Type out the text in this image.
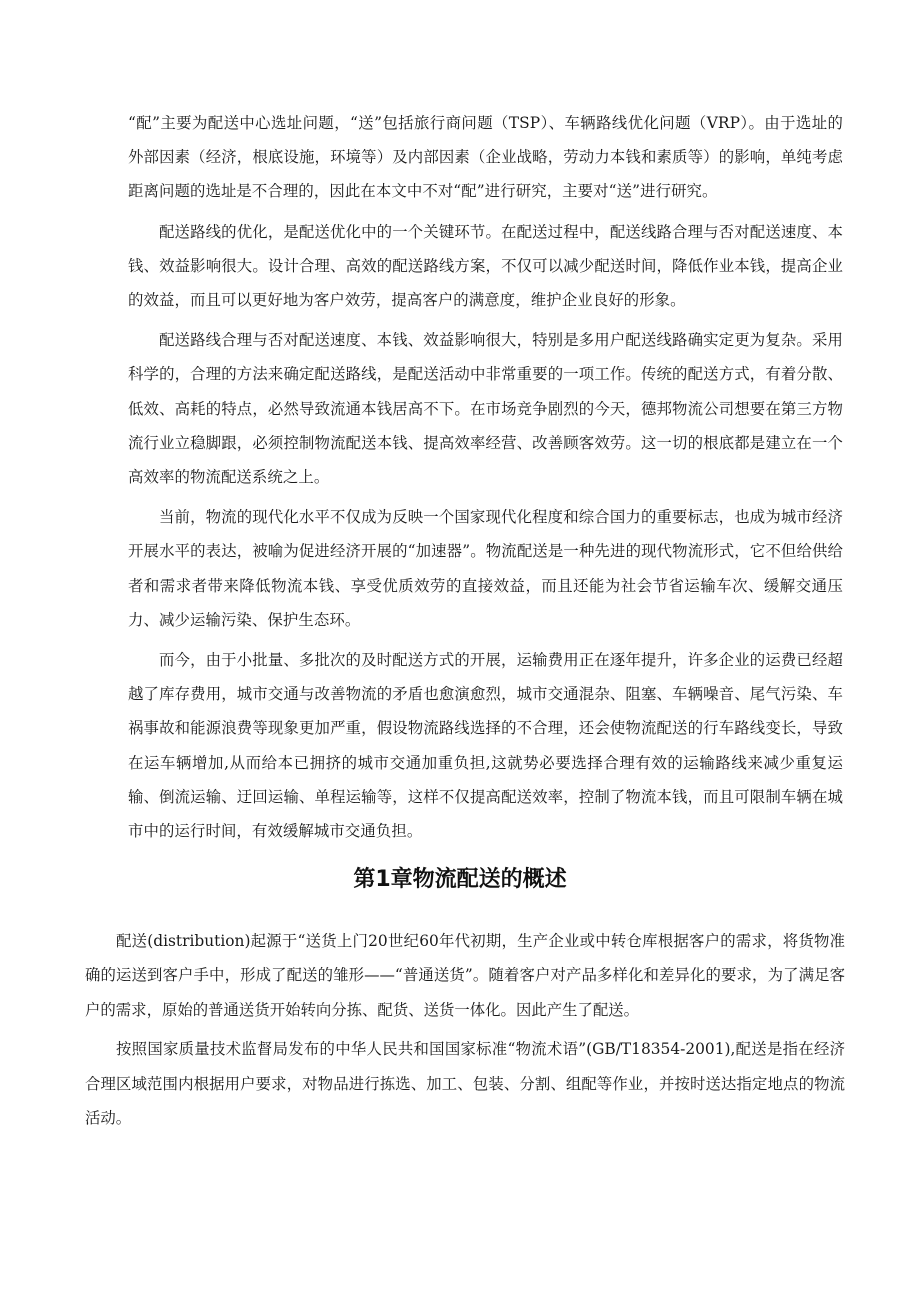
“配”主要为配送中心选址问题，“送”包括旅行商问题（TSP）、车辆路线优化问题（VRP）。由于选址的外部因素（经济，根底设施，环境等）及内部因素（企业战略，劳动力本钱和素质等）的影响，单纯考虑距离问题的选址是不合理的，因此在本文中不对“配”进行研究，主要对“送”进行研究。

配送路线的优化，是配送优化中的一个关键环节。在配送过程中，配送线路合理与否对配送速度、本钱、效益影响很大。设计合理、高效的配送路线方案，不仅可以减少配送时间，降低作业本钱，提高企业的效益，而且可以更好地为客户效劳，提高客户的满意度，维护企业良好的形象。

配送路线合理与否对配送速度、本钱、效益影响很大，特别是多用户配送线路确实定更为复杂。采用科学的，合理的方法来确定配送路线，是配送活动中非常重要的一项工作。传统的配送方式，有着分散、低效、高耗的特点，必然导致流通本钱居高不下。在市场竞争剧烈的今天，德邦物流公司想要在第三方物流行业立稳脚跟，必须控制物流配送本钱、提高效率经营、改善顾客效劳。这一切的根底都是建立在一个高效率的物流配送系统之上。

当前，物流的现代化水平不仅成为反映一个国家现代化程度和综合国力的重要标志，也成为城市经济开展水平的表达，被喻为促进经济开展的“加速器”。物流配送是一种先进的现代物流形式，它不但给供给者和需求者带来降低物流本钱、享受优质效劳的直接效益，而且还能为社会节省运输车次、缓解交通压力、减少运输污染、保护生态环。

而今，由于小批量、多批次的及时配送方式的开展，运输费用正在逐年提升，许多企业的运费已经超越了库存费用，城市交通与改善物流的矛盾也愈演愈烈，城市交通混杂、阻塞、车辆噪音、尾气污染、车祸事故和能源浪费等现象更加严重，假设物流路线选择的不合理，还会使物流配送的行车路线变长，导致在运车辆增加,从而给本已拥挤的城市交通加重负担,这就势必要选择合理有效的运输路线来减少重复运输、倒流运输、迂回运输、单程运输等，这样不仅提高配送效率，控制了物流本钱，而且可限制车辆在城市中的运行时间，有效缓解城市交通负担。

第1章物流配送的概述

配送(distribution)起源于“送货上门20世纪60年代初期，生产企业或中转仓库根据客户的需求，将货物准确的运送到客户手中，形成了配送的雏形——“普通送货”。随着客户对产品多样化和差异化的要求，为了满足客户的需求，原始的普通送货开始转向分拣、配货、送货一体化。因此产生了配送。

按照国家质量技术监督局发布的中华人民共和国国家标准“物流术语”(GB/T18354-2001),配送是指在经济合理区域范围内根据用户要求，对物品进行拣选、加工、包装、分割、组配等作业，并按时送达指定地点的物流活动。
